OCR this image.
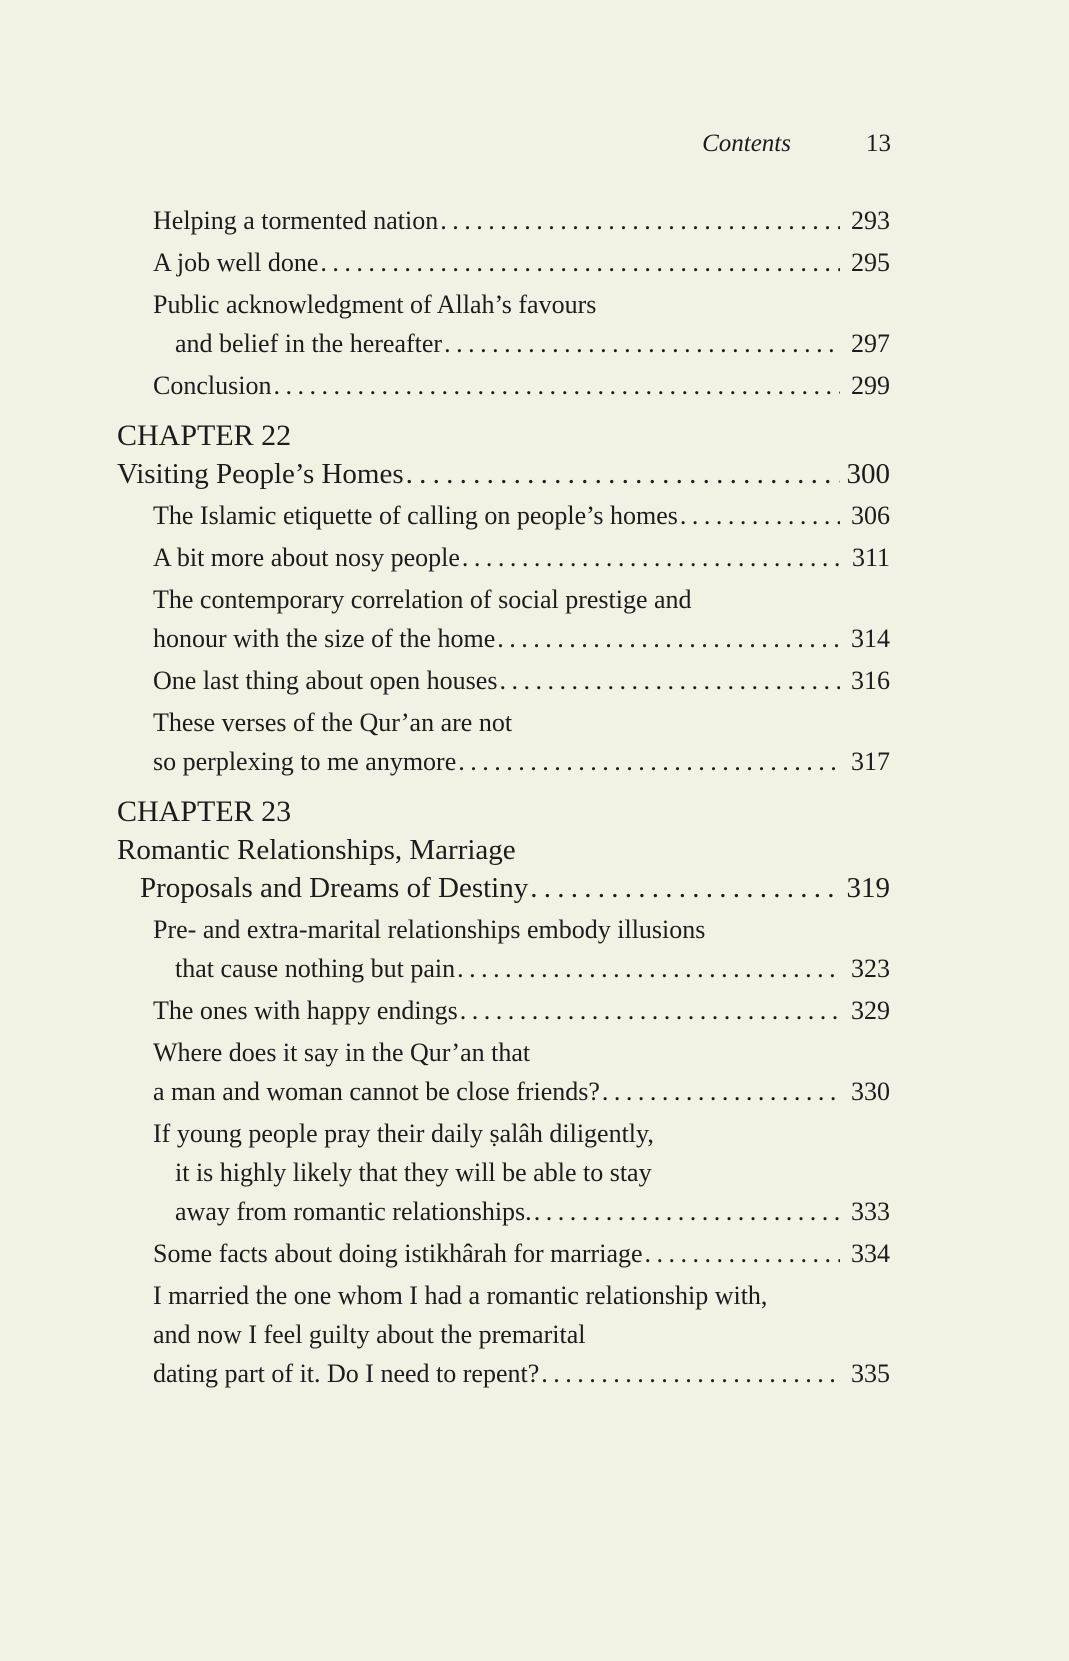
Contents	13
Helping a tormented nation . . .	293
A job well done . . .	295
Public acknowledgment of Allah’s favours
and belief in the hereafter . . .	297
Conclusion . . .	299
CHAPTER 22
Visiting People’s Homes . . .	300
The Islamic etiquette of calling on people’s homes . . .	306
A bit more about nosy people . . .	311
The contemporary correlation of social prestige and
honour with the size of the home . . .	314
One last thing about open houses . . .	316
These verses of the Qur’an are not
so perplexing to me anymore . . .	317
CHAPTER 23
Romantic Relationships, Marriage
Proposals and Dreams of Destiny . . .	319
Pre- and extra-marital relationships embody illusions
that cause nothing but pain . . .	323
The ones with happy endings . . .	329
Where does it say in the Qur’an that
a man and woman cannot be close friends? . . .	330
If young people pray their daily ṣalâh diligently,
it is highly likely that they will be able to stay
away from romantic relationships. . . .	333
Some facts about doing istikhârah for marriage . . .	334
I married the one whom I had a romantic relationship with,
and now I feel guilty about the premarital
dating part of it. Do I need to repent? . . .	335
